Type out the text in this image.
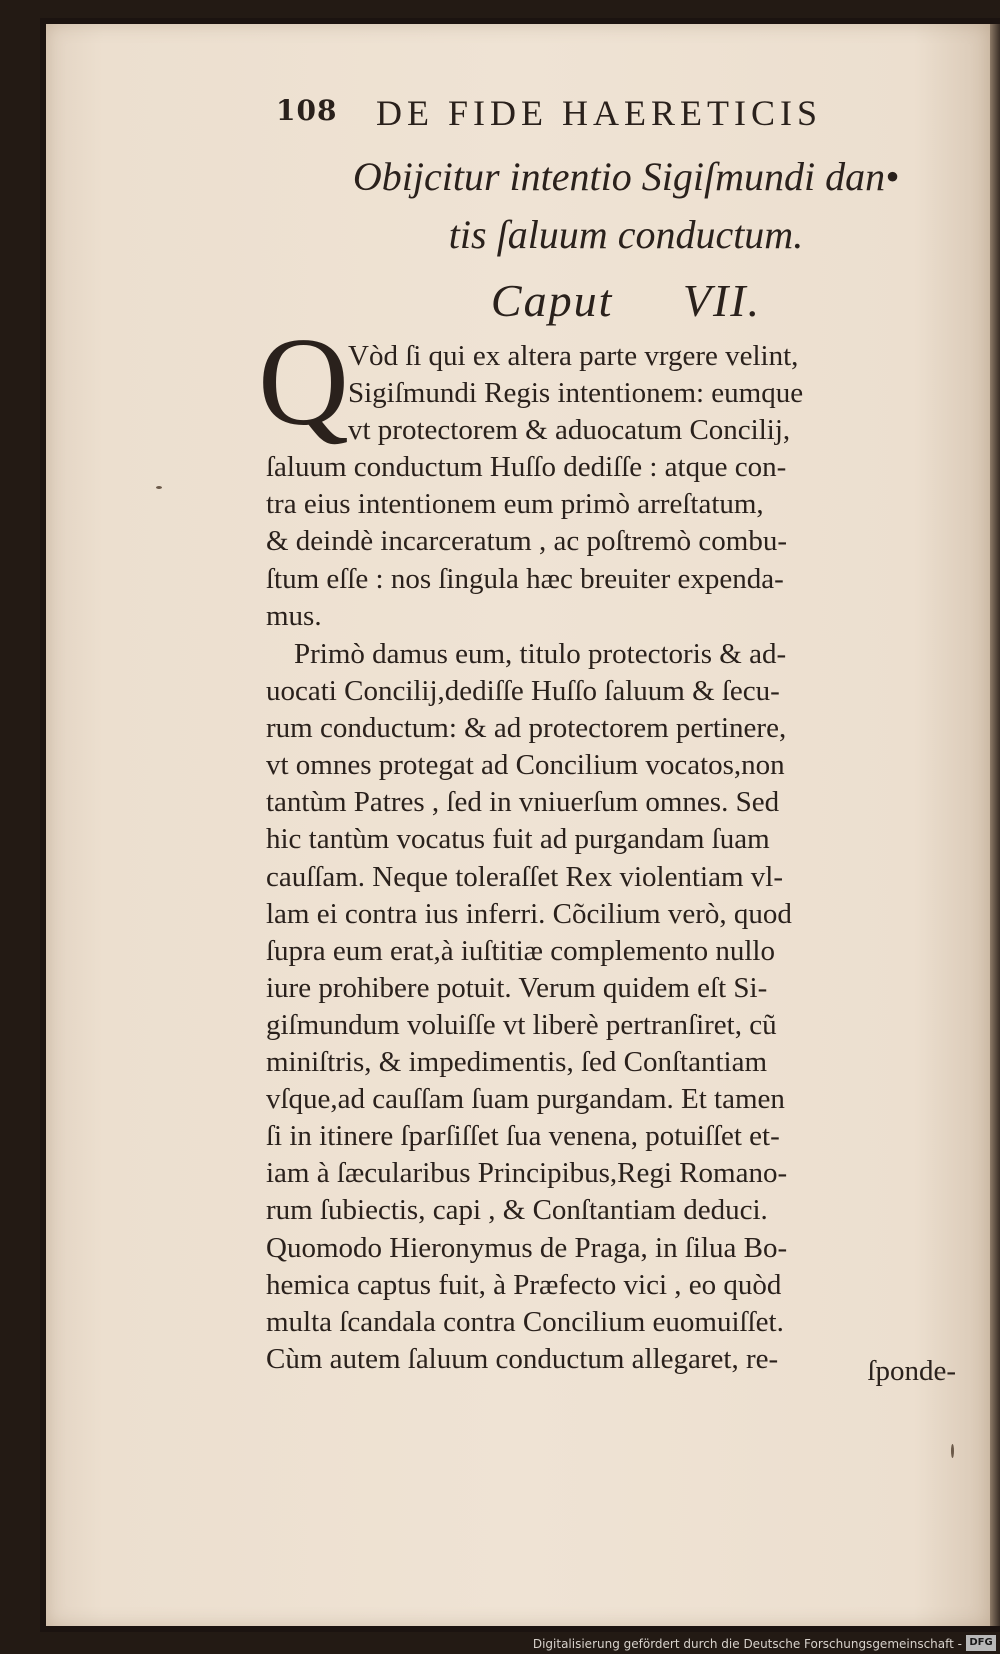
108 DE FIDE HAERETICIS
Obijcitur intentio Sigiſmundi dan•
tis ſaluum conductum.
Caput VII.
Q Vòd ſi qui ex altera parte vrgere velint,
Sigiſmundi Regis intentionem: eumque
vt protectorem & aduocatum Concilij,
ſaluum conductum Huſſo dediſſe : atque con-
tra eius intentionem eum primò arreſtatum,
& deindè incarceratum , ac poſtremò combu-
ſtum eſſe : nos ſingula hæc breuiter expenda-
mus.
Primò damus eum, titulo protectoris & ad-
uocati Concilij,dediſſe Huſſo ſaluum & ſecu-
rum conductum: & ad protectorem pertinere,
vt omnes protegat ad Concilium vocatos,non
tantùm Patres , ſed in vniuerſum omnes. Sed
hic tantùm vocatus fuit ad purgandam ſuam
cauſſam. Neque toleraſſet Rex violentiam vl-
lam ei contra ius inferri. Cõcilium verò, quod
ſupra eum erat,à iuſtitiæ complemento nullo
iure prohibere potuit. Verum quidem eſt Si-
giſmundum voluiſſe vt liberè pertranſiret, cũ
miniſtris, & impedimentis, ſed Conſtantiam
vſque,ad cauſſam ſuam purgandam. Et tamen
ſi in itinere ſparſiſſet ſua venena, potuiſſet et-
iam à ſæcularibus Principibus,Regi Romano-
rum ſubiectis, capi , & Conſtantiam deduci.
Quomodo Hieronymus de Praga, in ſilua Bo-
hemica captus fuit, à Præfecto vici , eo quòd
multa ſcandala contra Concilium euomuiſſet.
Cùm autem ſaluum conductum allegaret, re-	ſponde-
Digitalisierung gefördert durch die Deutsche Forschungsgemeinschaft - DFG
